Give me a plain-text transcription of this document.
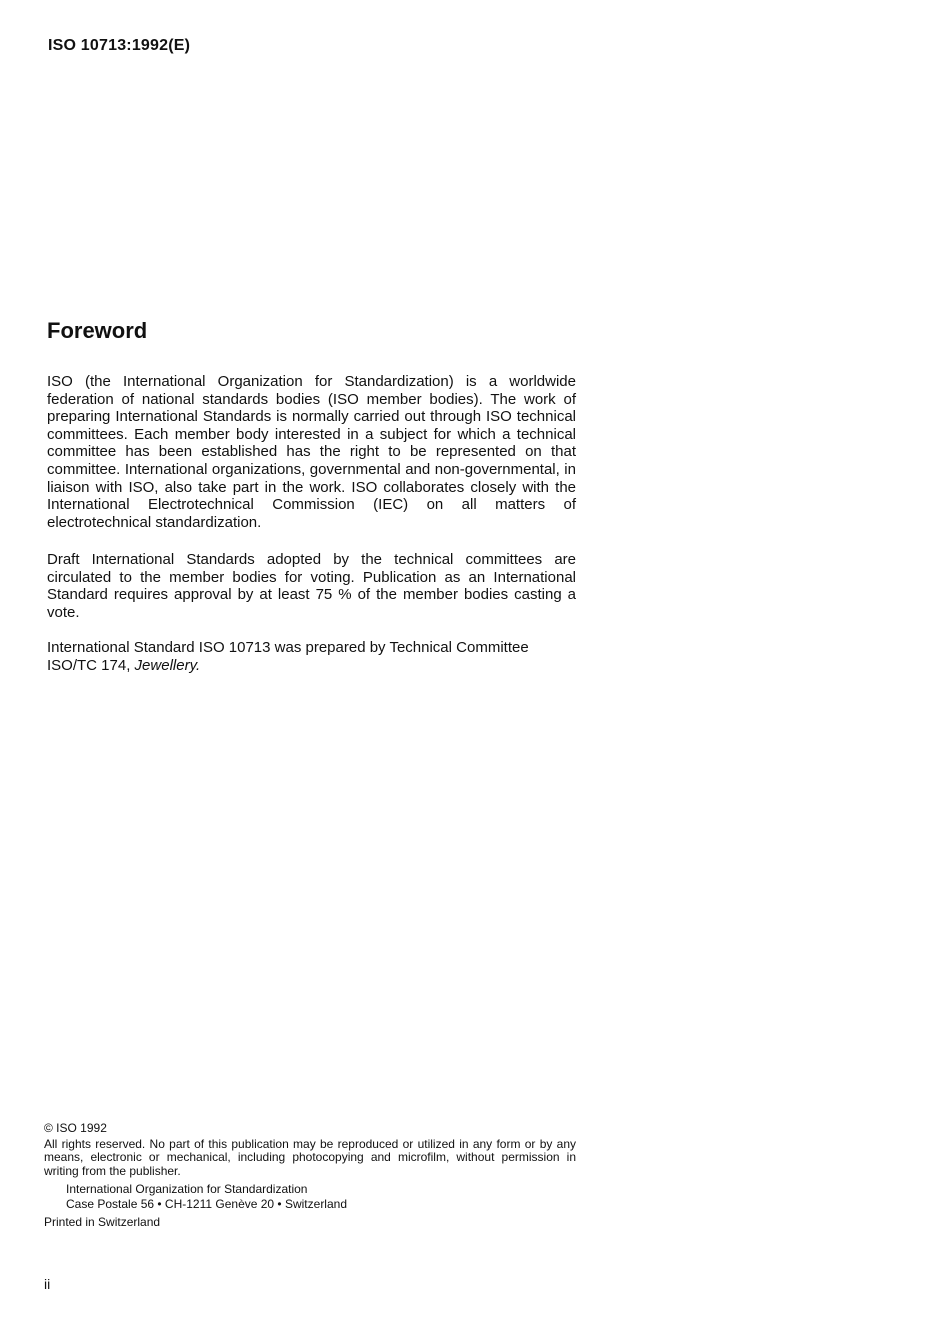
ISO 10713:1992(E)
Foreword

ISO (the International Organization for Standardization) is a worldwide federation of national standards bodies (ISO member bodies). The work of preparing International Standards is normally carried out through ISO technical committees. Each member body interested in a subject for which a technical committee has been established has the right to be represented on that committee. International organizations, governmental and non-governmental, in liaison with ISO, also take part in the work. ISO collaborates closely with the International Electrotechnical Commission (IEC) on all matters of electrotechnical standardization.

Draft International Standards adopted by the technical committees are circulated to the member bodies for voting. Publication as an International Standard requires approval by at least 75 % of the member bodies casting a vote.

International Standard ISO 10713 was prepared by Technical Committee ISO/TC 174, Jewellery.

© ISO 1992
All rights reserved. No part of this publication may be reproduced or utilized in any form or by any means, electronic or mechanical, including photocopying and microfilm, without permission in writing from the publisher.
International Organization for Standardization
Case Postale 56 • CH-1211 Genève 20 • Switzerland
Printed in Switzerland
ii
